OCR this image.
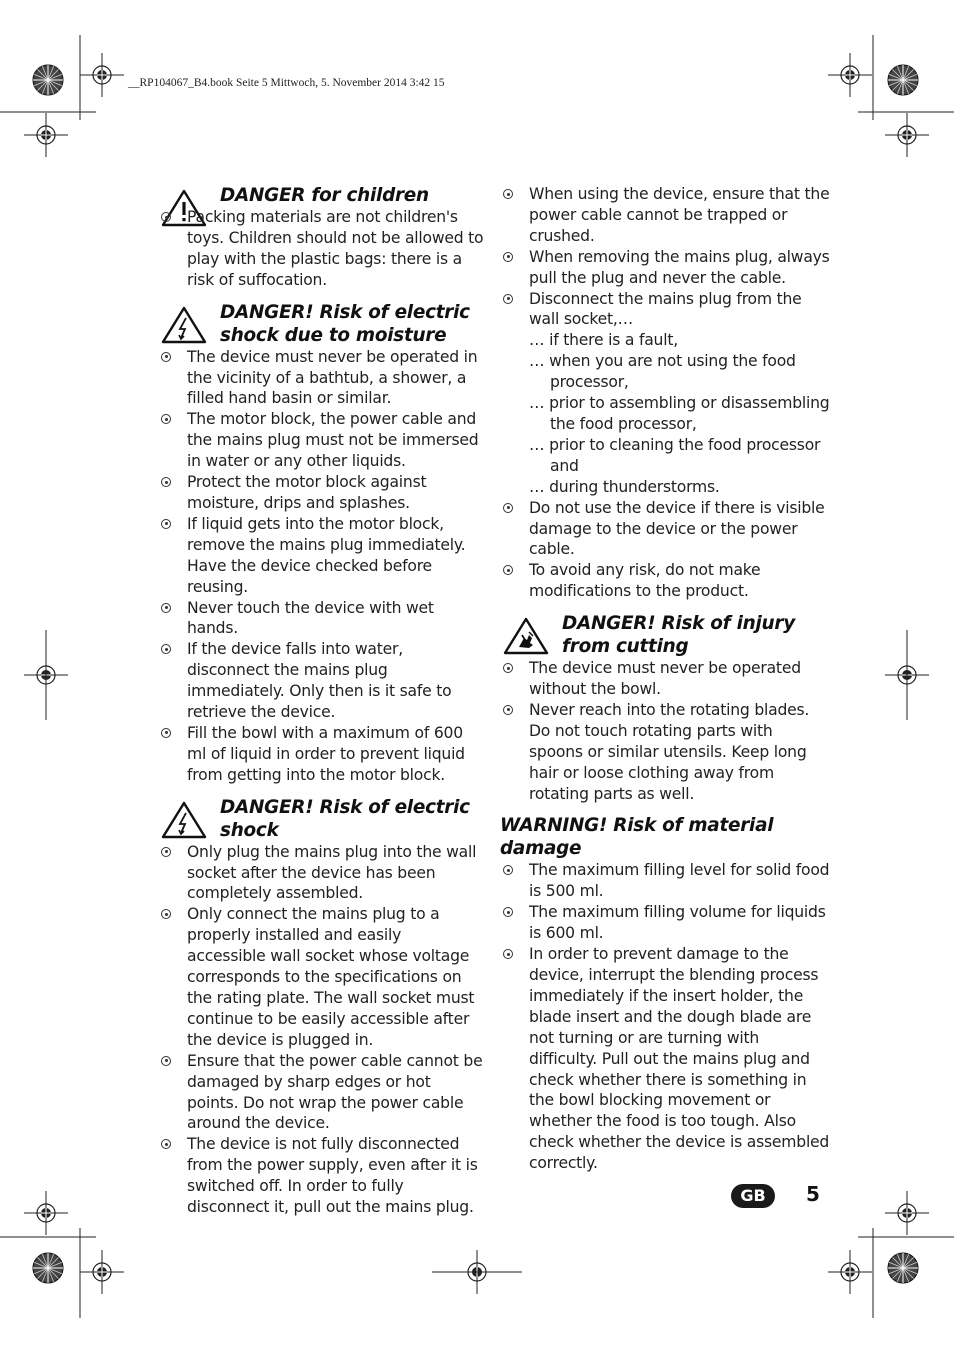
__RP104067_B4.book Seite 5 Mittwoch, 5. November 2014 3:42 15
DANGER for children
Packing materials are not children's toys. Children should not be allowed to play with the plastic bags: there is a risk of suffocation.
DANGER! Risk of electric shock due to moisture
The device must never be operated in the vicinity of a bathtub, a shower, a filled hand basin or similar.
The motor block, the power cable and the mains plug must not be immersed in water or any other liquids.
Protect the motor block against moisture, drips and splashes.
If liquid gets into the motor block, remove the mains plug immediately. Have the device checked before reusing.
Never touch the device with wet hands.
If the device falls into water, disconnect the mains plug immediately. Only then is it safe to retrieve the device.
Fill the bowl with a maximum of 600 ml of liquid in order to prevent liquid from getting into the motor block.
DANGER! Risk of electric shock
Only plug the mains plug into the wall socket after the device has been completely assembled.
Only connect the mains plug to a properly installed and easily accessible wall socket whose voltage corresponds to the specifications on the rating plate. The wall socket must continue to be easily accessible after the device is plugged in.
Ensure that the power cable cannot be damaged by sharp edges or hot points. Do not wrap the power cable around the device.
The device is not fully disconnected from the power supply, even after it is switched off. In order to fully disconnect it, pull out the mains plug.
When using the device, ensure that the power cable cannot be trapped or crushed.
When removing the mains plug, always pull the plug and never the cable.
Disconnect the mains plug from the wall socket,…
… if there is a fault,
… when you are not using the food processor,
… prior to assembling or disassembling the food processor,
… prior to cleaning the food processor and
… during thunderstorms.
Do not use the device if there is visible damage to the device or the power cable.
To avoid any risk, do not make modifications to the product.
DANGER! Risk of injury from cutting
The device must never be operated without the bowl.
Never reach into the rotating blades. Do not touch rotating parts with spoons or similar utensils. Keep long hair or loose clothing away from rotating parts as well.
WARNING! Risk of material damage
The maximum filling level for solid food is 500 ml.
The maximum filling volume for liquids is 600 ml.
In order to prevent damage to the device, interrupt the blending process immediately if the insert holder, the blade insert and the dough blade are not turning or are turning with difficulty. Pull out the mains plug and check whether there is something in the bowl blocking movement or whether the food is too tough. Also check whether the device is assembled correctly.
GB	5
